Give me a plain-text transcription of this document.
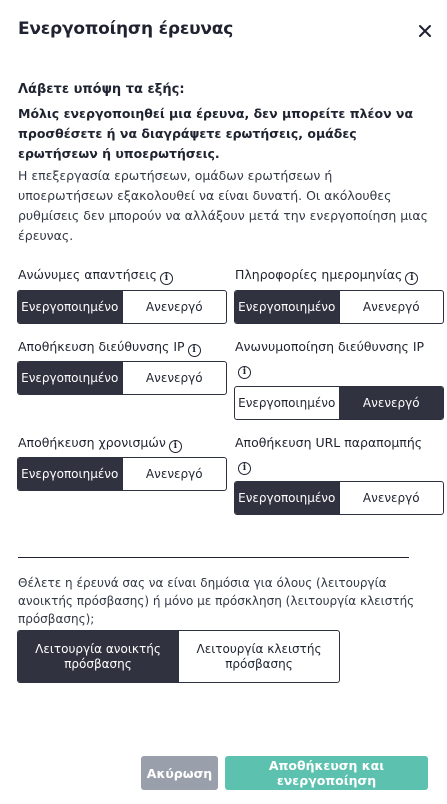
Ενεργοποίηση έρευνας
Λάβετε υπόψη τα εξής:
Μόλις ενεργοποιηθεί μια έρευνα, δεν μπορείτε πλέον να προσθέσετε ή να διαγράψετε ερωτήσεις, ομάδες ερωτήσεων ή υποερωτήσεις.
Η επεξεργασία ερωτήσεων, ομάδων ερωτήσεων ή υποερωτήσεων εξακολουθεί να είναι δυνατή. Οι ακόλουθες ρυθμίσεις δεν μπορούν να αλλάξουν μετά την ενεργοποίηση μιας έρευνας.
Ανώνυμες απαντήσεις i
Ενεργοποιημένο	Ανενεργό
Πληροφορίες ημερομηνίας i
Ενεργοποιημένο	Ανενεργό
Αποθήκευση διεύθυνσης IP i
Ενεργοποιημένο	Ανενεργό
Ανωνυμοποίηση διεύθυνσης IP
i
Ενεργοποιημένο	Ανενεργό
Αποθήκευση χρονισμών i
Ενεργοποιημένο	Ανενεργό
Αποθήκευση URL παραπομπής
i
Ενεργοποιημένο	Ανενεργό
Θέλετε η έρευνά σας να είναι δημόσια για όλους (λειτουργία ανοικτής πρόσβασης) ή μόνο με πρόσκληση (λειτουργία κλειστής πρόσβασης);
Λειτουργία ανοικτής πρόσβασης
Λειτουργία κλειστής πρόσβασης
Ακύρωση	Αποθήκευση και ενεργοποίηση
